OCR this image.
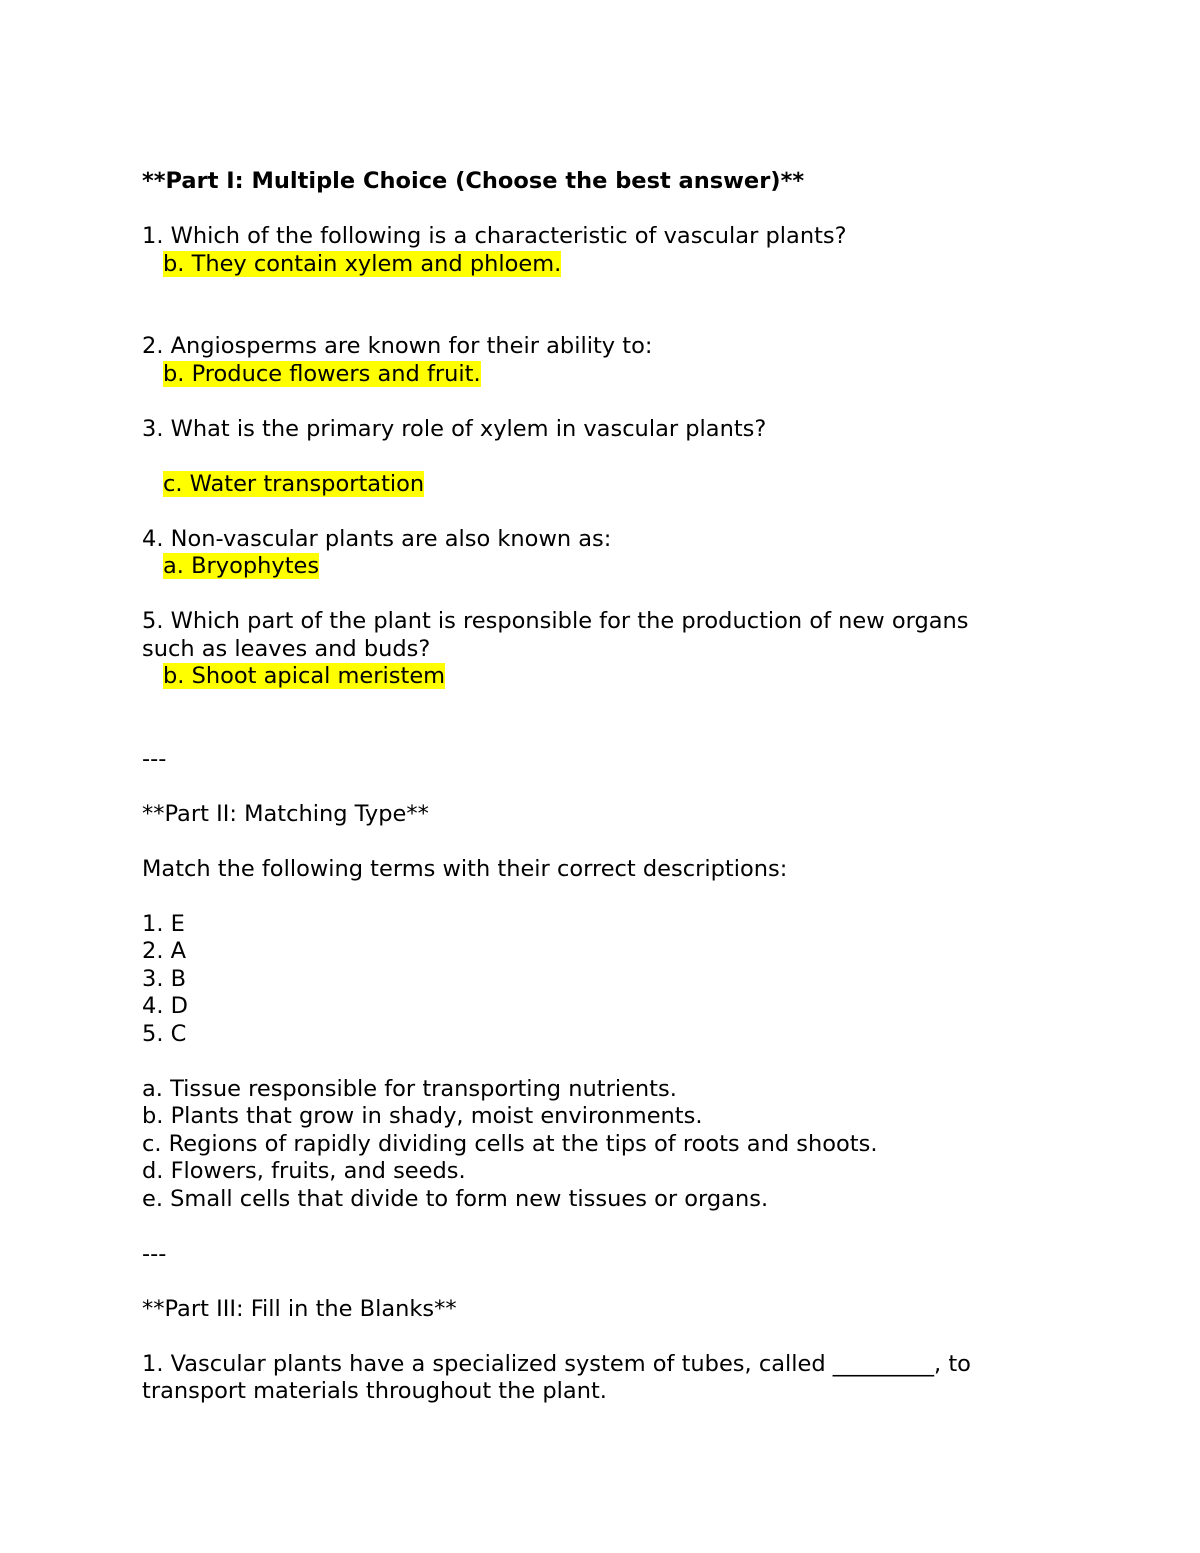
**Part I: Multiple Choice (Choose the best answer)**
1. Which of the following is a characteristic of vascular plants?
b. They contain xylem and phloem.
2. Angiosperms are known for their ability to:
b. Produce flowers and fruit.
3. What is the primary role of xylem in vascular plants?
c. Water transportation
4. Non-vascular plants are also known as:
a. Bryophytes
5. Which part of the plant is responsible for the production of new organs
such as leaves and buds?
b. Shoot apical meristem
---
**Part II: Matching Type**
Match the following terms with their correct descriptions:
1. E
2. A
3. B
4. D
5. C
a. Tissue responsible for transporting nutrients.
b. Plants that grow in shady, moist environments.
c. Regions of rapidly dividing cells at the tips of roots and shoots.
d. Flowers, fruits, and seeds.
e. Small cells that divide to form new tissues or organs.
---
**Part III: Fill in the Blanks**
1. Vascular plants have a specialized system of tubes, called _________, to
transport materials throughout the plant.
